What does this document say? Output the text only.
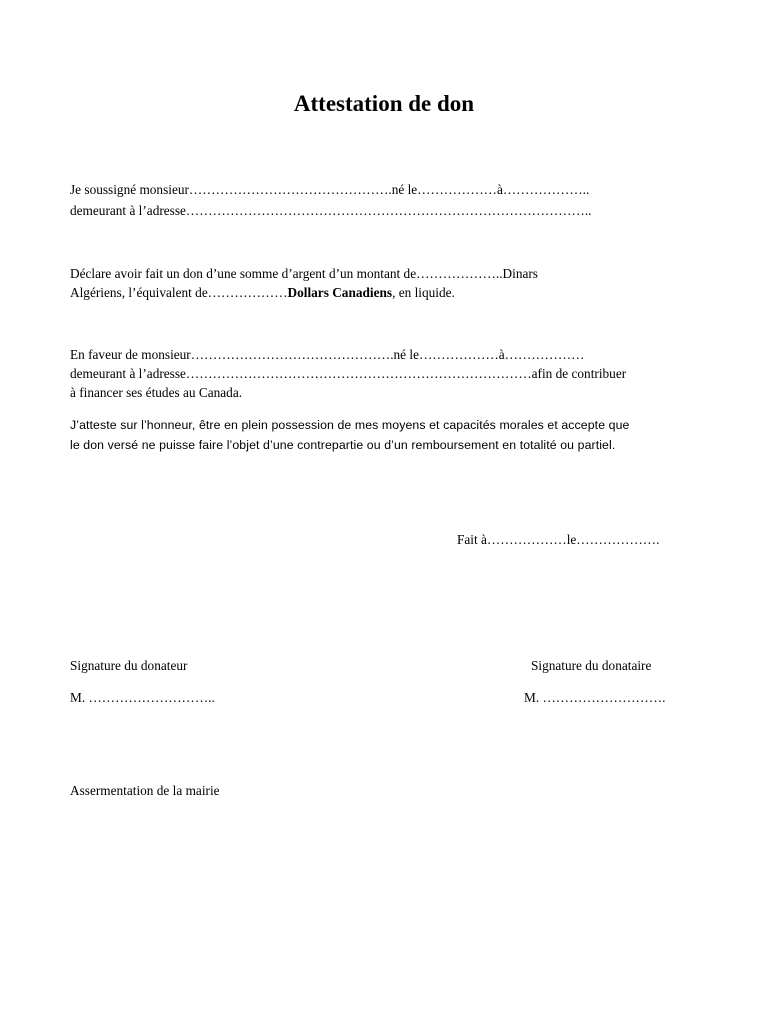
Attestation de don
Je soussigné monsieur……………………………………….né le………………à………………..
demeurant à l’adresse………………………………………………………………………………..
Déclare avoir fait un don d’une somme d’argent d’un montant de………………..Dinars
Algériens, l’équivalent de………………Dollars Canadiens, en liquide.
En faveur de monsieur……………………………………….né le………………à………………
demeurant à l’adresse……………………………………………………………………afin de contribuer
à financer ses études au Canada.
J’atteste sur l’honneur, être en plein possession de mes moyens et capacités morales et accepte que
le don versé ne puisse faire l’objet d’une contrepartie ou d’un remboursement en totalité ou partiel.
Fait à………………le……………….
Signature du donateur	Signature du donataire
M. ………………………..	M. ……………………….
Assermentation de la mairie
